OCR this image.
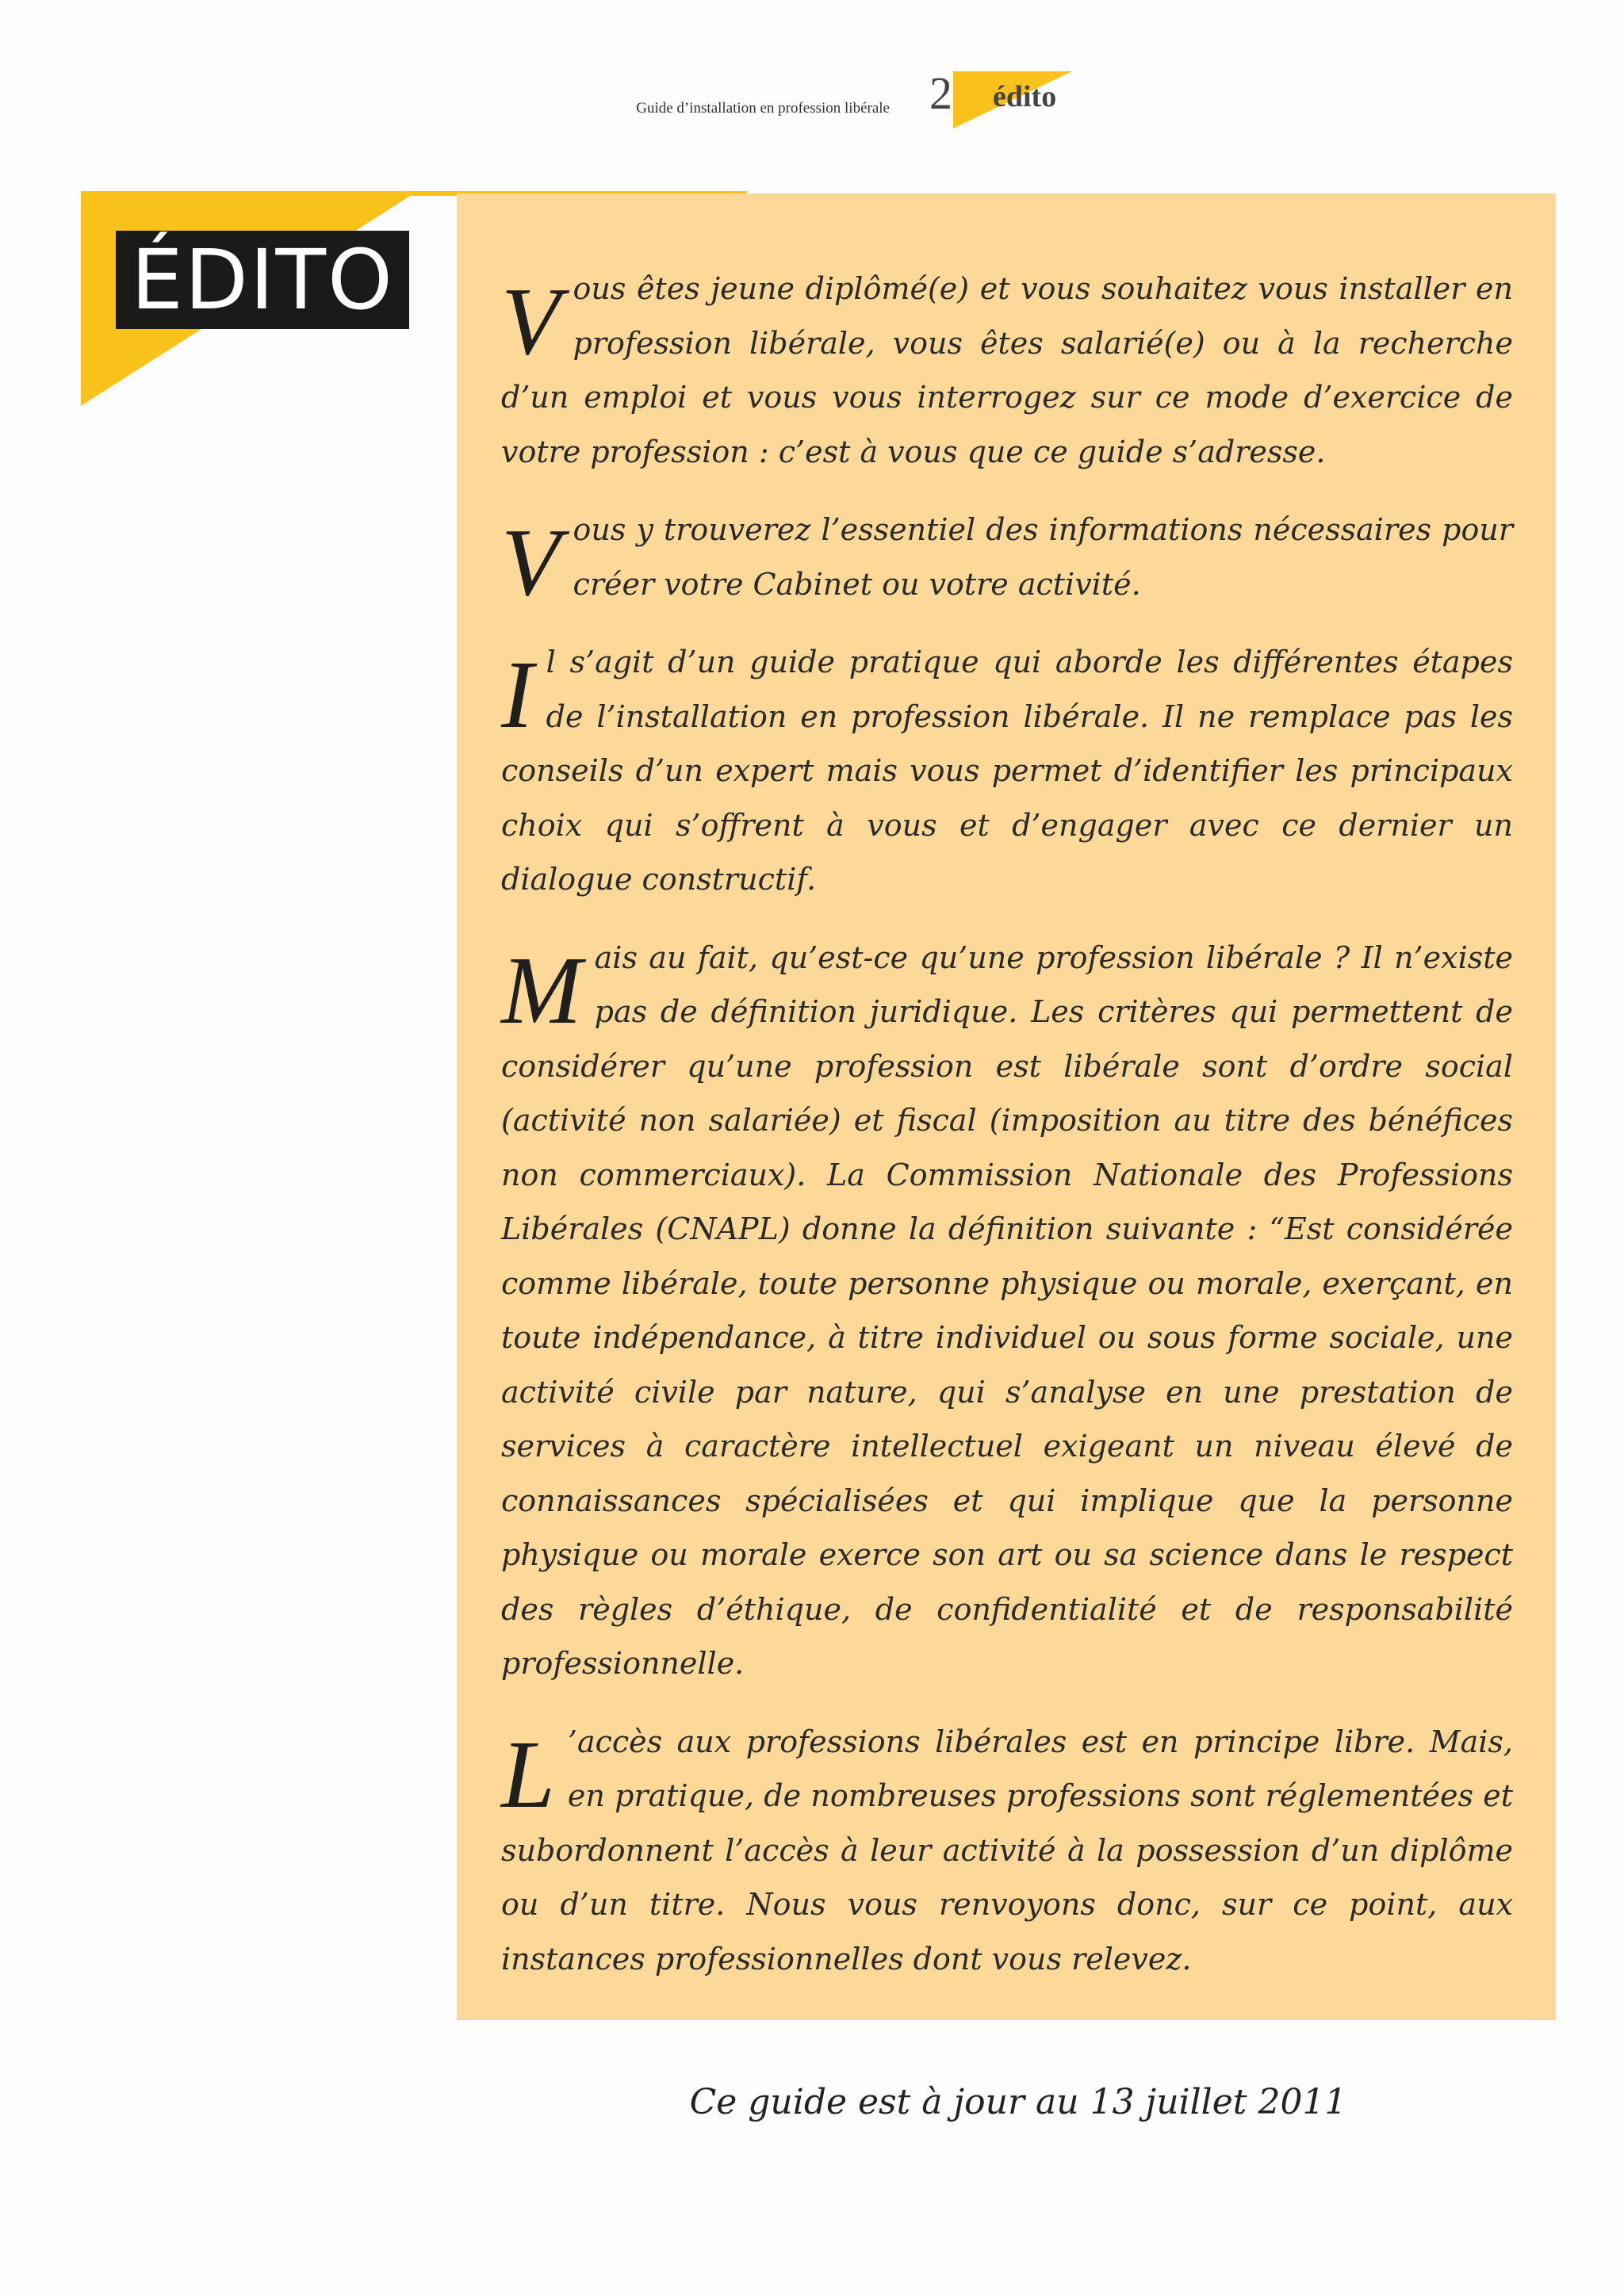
Guide d’installation en profession libérale 2 édito
ÉDITO Vous êtes jeune diplômé(e) et vous souhaitez vous installer en profession libérale, vous êtes salarié(e) ou à la recherche d’un emploi et vous vous interrogez sur ce mode d’exercice de votre profession : c’est à vous que ce guide s’adresse.

Vous y trouverez l’essentiel des informations nécessaires pour créer votre Cabinet ou votre activité.

Il s’agit d’un guide pratique qui aborde les différentes étapes de l’installation en profession libérale. Il ne remplace pas les conseils d’un expert mais vous permet d’identifier les principaux choix qui s’offrent à vous et d’engager avec ce dernier un dialogue constructif.

Mais au fait, qu’est-ce qu’une profession libérale ? Il n’existe pas de définition juridique. Les critères qui permettent de considérer qu’une profession est libérale sont d’ordre social (activité non salariée) et fiscal (imposition au titre des bénéfices non commerciaux). La Commission Nationale des Professions Libérales (CNAPL) donne la définition suivante : “Est considérée comme libérale, toute personne physique ou morale, exerçant, en toute indépendance, à titre individuel ou sous forme sociale, une activité civile par nature, qui s’analyse en une prestation de services à caractère intellectuel exigeant un niveau élevé de connaissances spécialisées et qui implique que la personne physique ou morale exerce son art ou sa science dans le respect des règles d’éthique, de confidentialité et de responsabilité professionnelle.

L ’accès aux professions libérales est en principe libre. Mais, en pratique, de nombreuses professions sont réglementées et subordonnent l’accès à leur activité à la possession d’un diplôme ou d’un titre. Nous vous renvoyons donc, sur ce point, aux instances professionnelles dont vous relevez.

Ce guide est à jour au 13 juillet 2011
